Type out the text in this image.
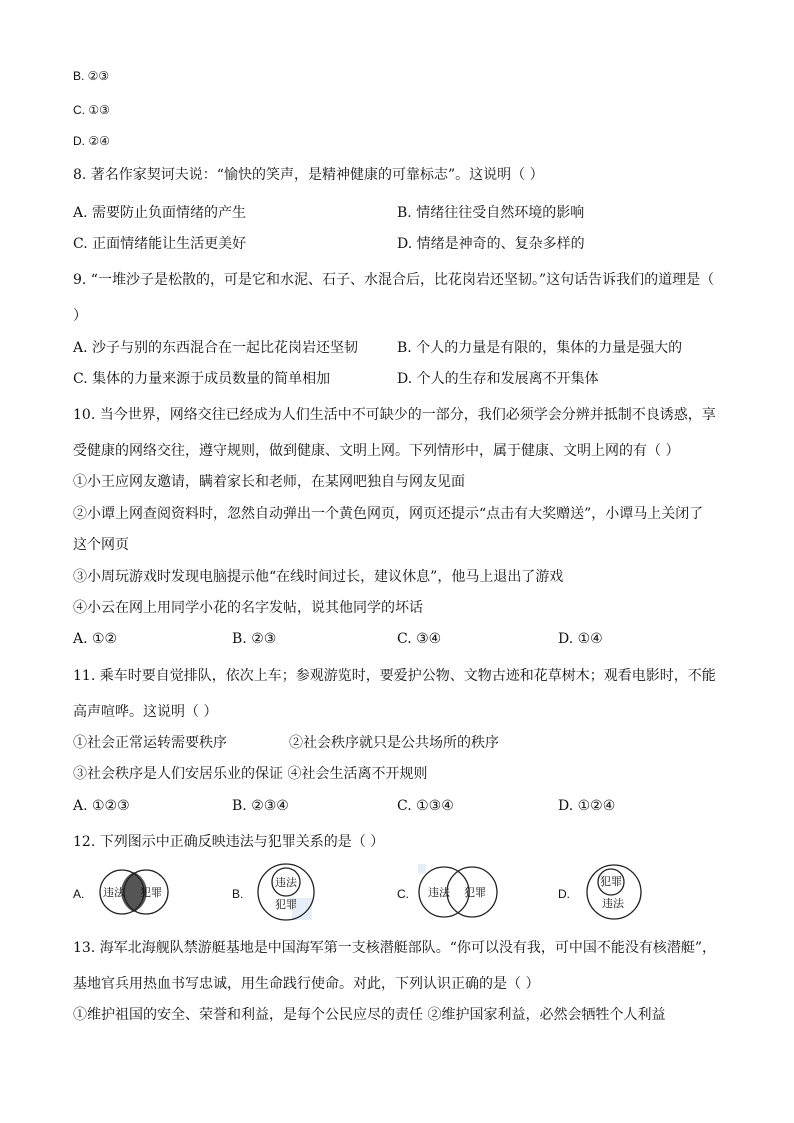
B. ②③
C. ①③
D. ②④
8. 著名作家契诃夫说：“愉快的笑声，是精神健康的可靠标志”。这说明（ ）
A. 需要防止负面情绪的产生	B. 情绪往往受自然环境的影响
C. 正面情绪能让生活更美好	D. 情绪是神奇的、复杂多样的
9. “一堆沙子是松散的，可是它和水泥、石子、水混合后，比花岗岩还坚韧。”这句话告诉我们的道理是（
）
A. 沙子与别的东西混合在一起比花岗岩还坚韧	B. 个人的力量是有限的，集体的力量是强大的
C. 集体的力量来源于成员数量的简单相加	D. 个人的生存和发展离不开集体
10. 当今世界，网络交往已经成为人们生活中不可缺少的一部分，我们必须学会分辨并抵制不良诱惑，享
受健康的网络交往，遵守规则，做到健康、文明上网。下列情形中，属于健康、文明上网的有（ ）
①小王应网友邀请，瞒着家长和老师，在某网吧独自与网友见面
②小谭上网查阅资料时，忽然自动弹出一个黄色网页，网页还提示“点击有大奖赠送”，小谭马上关闭了
这个网页
③小周玩游戏时发现电脑提示他“在线时间过长，建议休息”，他马上退出了游戏
④小云在网上用同学小花的名字发帖，说其他同学的坏话
A. ①②	B. ②③	C. ③④	D. ①④
11. 乘车时要自觉排队，依次上车；参观游览时，要爱护公物、文物古迹和花草树木；观看电影时，不能
高声喧哗。这说明（ ）
①社会正常运转需要秩序	②社会秩序就只是公共场所的秩序
③社会秩序是人们安居乐业的保证 ④社会生活离不开规则
A. ①②③	B. ②③④	C. ①③④	D. ①②④
12. 下列图示中正确反映违法与犯罪关系的是（ ）
A. 违法 犯罪	B.
违法
犯罪
C. 违法 犯罪	D.
犯罪
违法
13. 海军北海舰队禁游艇基地是中国海军第一支核潜艇部队。“你可以没有我，可中国不能没有核潜艇”，
基地官兵用热血书写忠诚，用生命践行使命。对此，下列认识正确的是（ ）
①维护祖国的安全、荣誉和利益，是每个公民应尽的责任 ②维护国家利益，必然会牺牲个人利益
